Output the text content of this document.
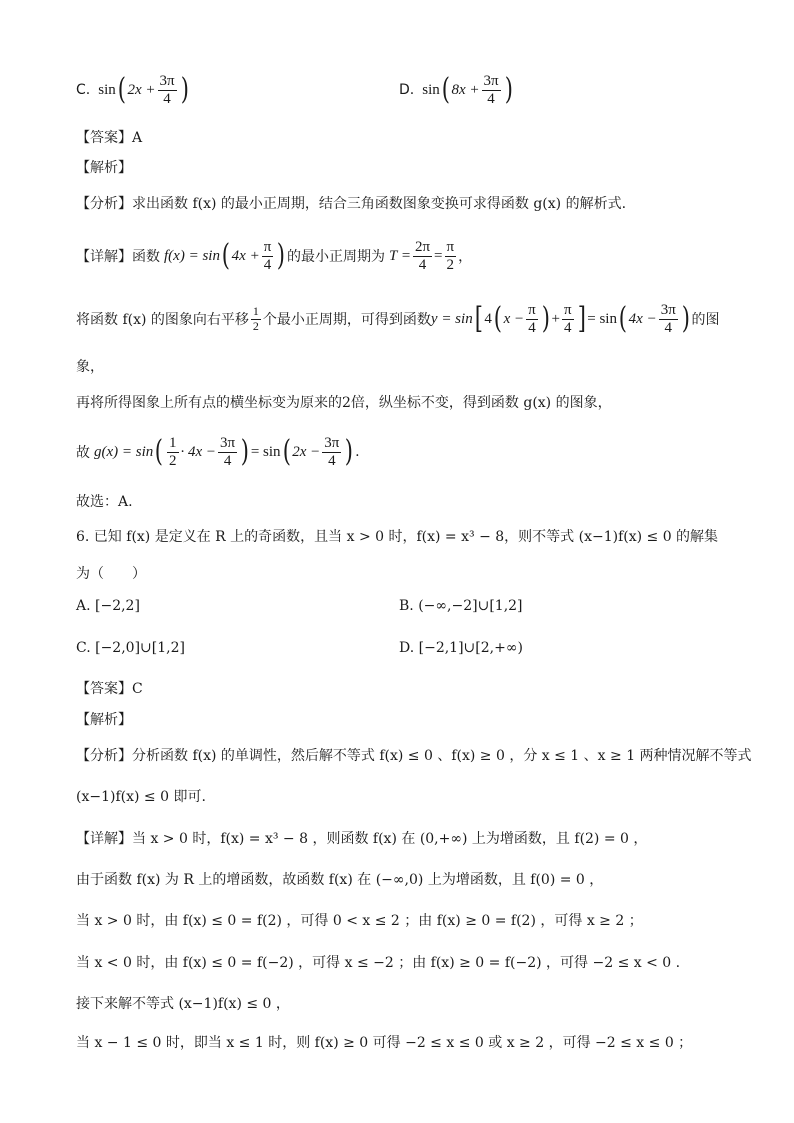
C. sin ( $2x + \frac{3\pi}{4}$ )	D. sin ( $8x + \frac{3\pi}{4}$ )
【答案】A
【解析】
【分析】求出函数 f(x) 的最小正周期，结合三角函数图象变换可求得函数 g(x) 的解析式.
【详解】函数 f(x) = sin ( $4x + \frac{\pi}{4}$ ) 的最小正周期为 $T = \frac{2\pi}{4} = \frac{\pi}{2}$ ，
将函数 f(x) 的图象向右平移 $\frac{1}{2}$ 个最小正周期，可得到函数 y = sin [ 4 ( $x - \frac{\pi}{4}$ ) + $\frac{\pi}{4}$ ] = sin ( $4x - \frac{3\pi}{4}$ ) 的图
象，
再将所得图象上所有点的横坐标变为原来的2倍，纵坐标不变，得到函数 g(x) 的图象，
故 g(x) = sin ( $\frac{1}{2} \cdot 4x - \frac{3\pi}{4}$ ) = sin ( $2x - \frac{3\pi}{4}$ ) .
故选：A.
6. 已知 f(x) 是定义在 R 上的奇函数，且当 x > 0 时，f(x) = x³ − 8，则不等式 (x−1)f(x) ≤ 0 的解集
为（　　）
A. [−2,2]	B. (−∞,−2]∪[1,2]
C. [−2,0]∪[1,2]	D. [−2,1]∪[2,+∞)
【答案】C
【解析】
【分析】分析函数 f(x) 的单调性，然后解不等式 f(x) ≤ 0 、f(x) ≥ 0 ，分 x ≤ 1 、x ≥ 1 两种情况解不等式
(x−1)f(x) ≤ 0 即可.
【详解】当 x > 0 时，f(x) = x³ − 8 ，则函数 f(x) 在 (0,+∞) 上为增函数，且 f(2) = 0 ，
由于函数 f(x) 为 R 上的增函数，故函数 f(x) 在 (−∞,0) 上为增函数，且 f(0) = 0 ，
当 x > 0 时，由 f(x) ≤ 0 = f(2) ，可得 0 < x ≤ 2 ；由 f(x) ≥ 0 = f(2) ，可得 x ≥ 2 ；
当 x < 0 时，由 f(x) ≤ 0 = f(−2) ，可得 x ≤ −2 ；由 f(x) ≥ 0 = f(−2) ，可得 −2 ≤ x < 0 .
接下来解不等式 (x−1)f(x) ≤ 0 ，
当 x − 1 ≤ 0 时，即当 x ≤ 1 时，则 f(x) ≥ 0 可得 −2 ≤ x ≤ 0 或 x ≥ 2 ，可得 −2 ≤ x ≤ 0 ；
